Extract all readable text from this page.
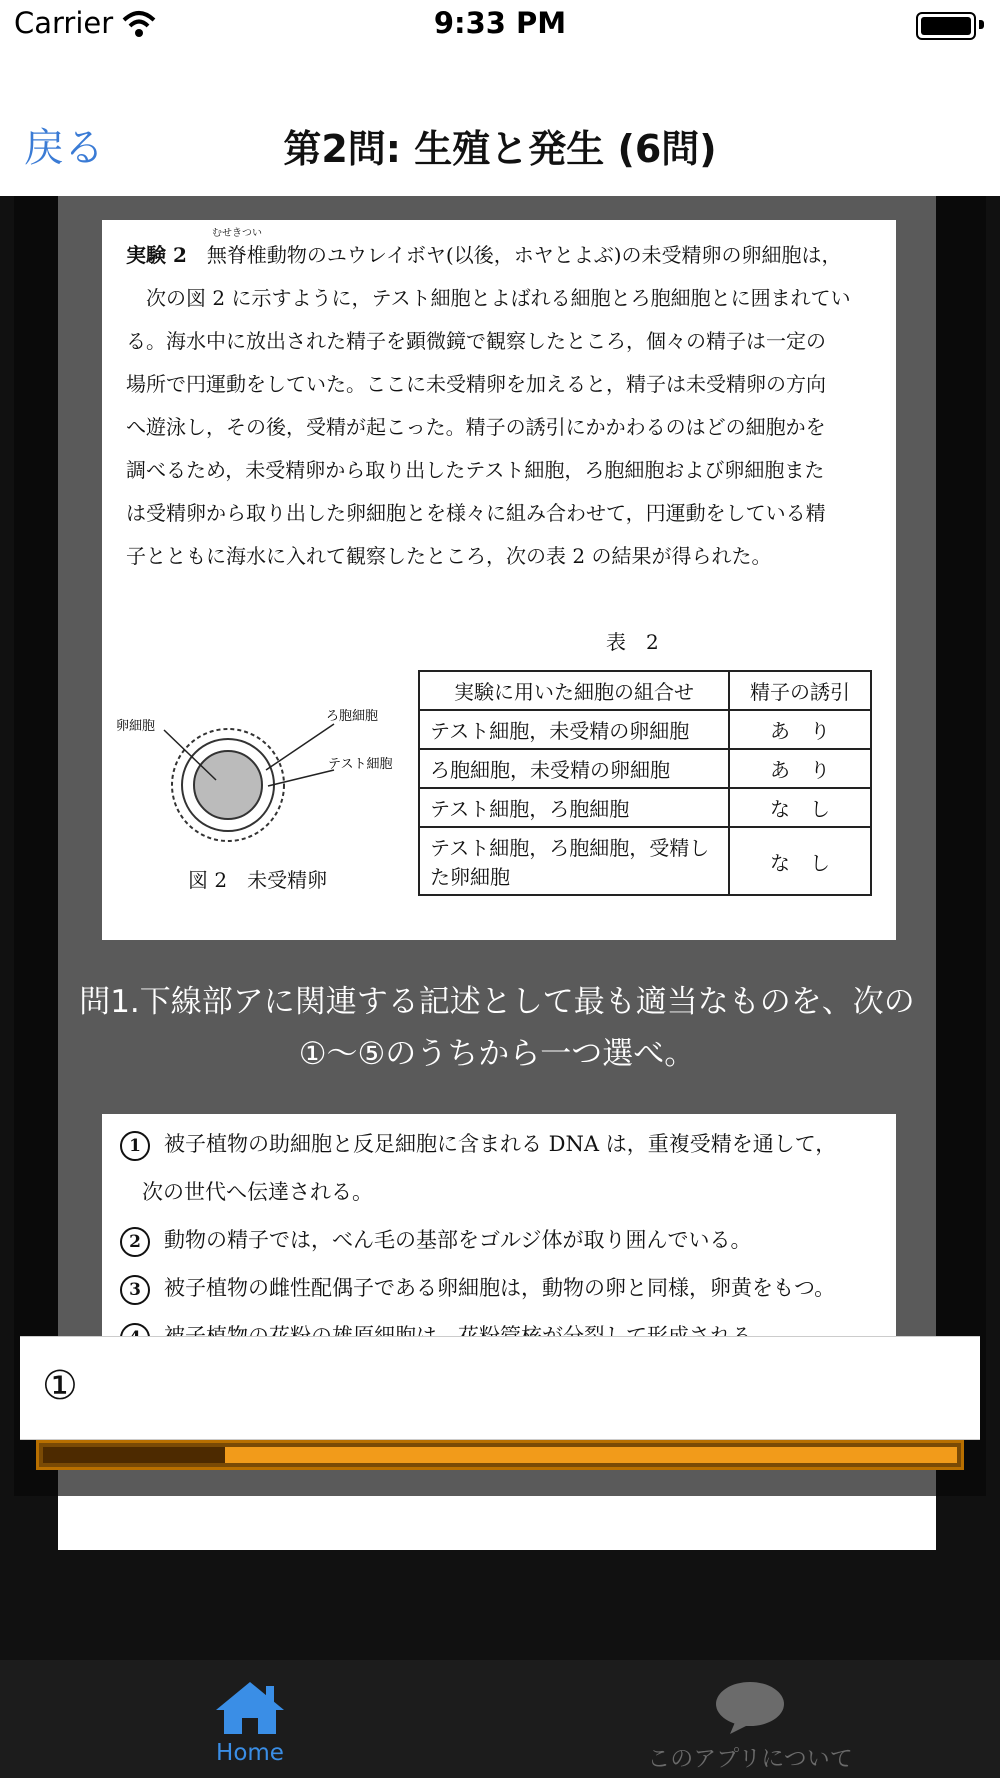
Carrier	9:33 PM
戻る	第2問: 生殖と発生 (6問)
むせきつい
実験 2　 無脊椎動物のユウレイボヤ(以後，ホヤとよぶ)の未受精卵の卵細胞は，
次の図 2 に示すように，テスト細胞とよばれる細胞とろ胞細胞とに囲まれてい
る。海水中に放出された精子を顕微鏡で観察したところ，個々の精子は一定の
場所で円運動をしていた。ここに未受精卵を加えると，精子は未受精卵の方向
へ遊泳し，その後，受精が起こった。精子の誘引にかかわるのはどの細胞かを
調べるため，未受精卵から取り出したテスト細胞，ろ胞細胞および卵細胞また
は受精卵から取り出した卵細胞とを様々に組み合わせて，円運動をしている精
子とともに海水に入れて観察したところ，次の表 2 の結果が得られた。
卵細胞
ろ胞細胞
テスト細胞
図 2　未受精卵
表　2
実験に用いた細胞の組合せ	精子の誘引
テスト細胞，未受精の卵細胞	あ　り
ろ胞細胞，未受精の卵細胞	あ　り
テスト細胞，ろ胞細胞	な　し
テスト細胞，ろ胞細胞，受精した卵細胞	な　し
問1.下線部アに関連する記述として最も適当なものを、次の①〜⑤のうちから一つ選べ。
1 被子植物の助細胞と反足細胞に含まれる DNA は，重複受精を通して，
次の世代へ伝達される。
2 動物の精子では，べん毛の基部をゴルジ体が取り囲んでいる。
3 被子植物の雌性配偶子である卵細胞は，動物の卵と同様，卵黄をもつ。
①
Home	このアプリについて
